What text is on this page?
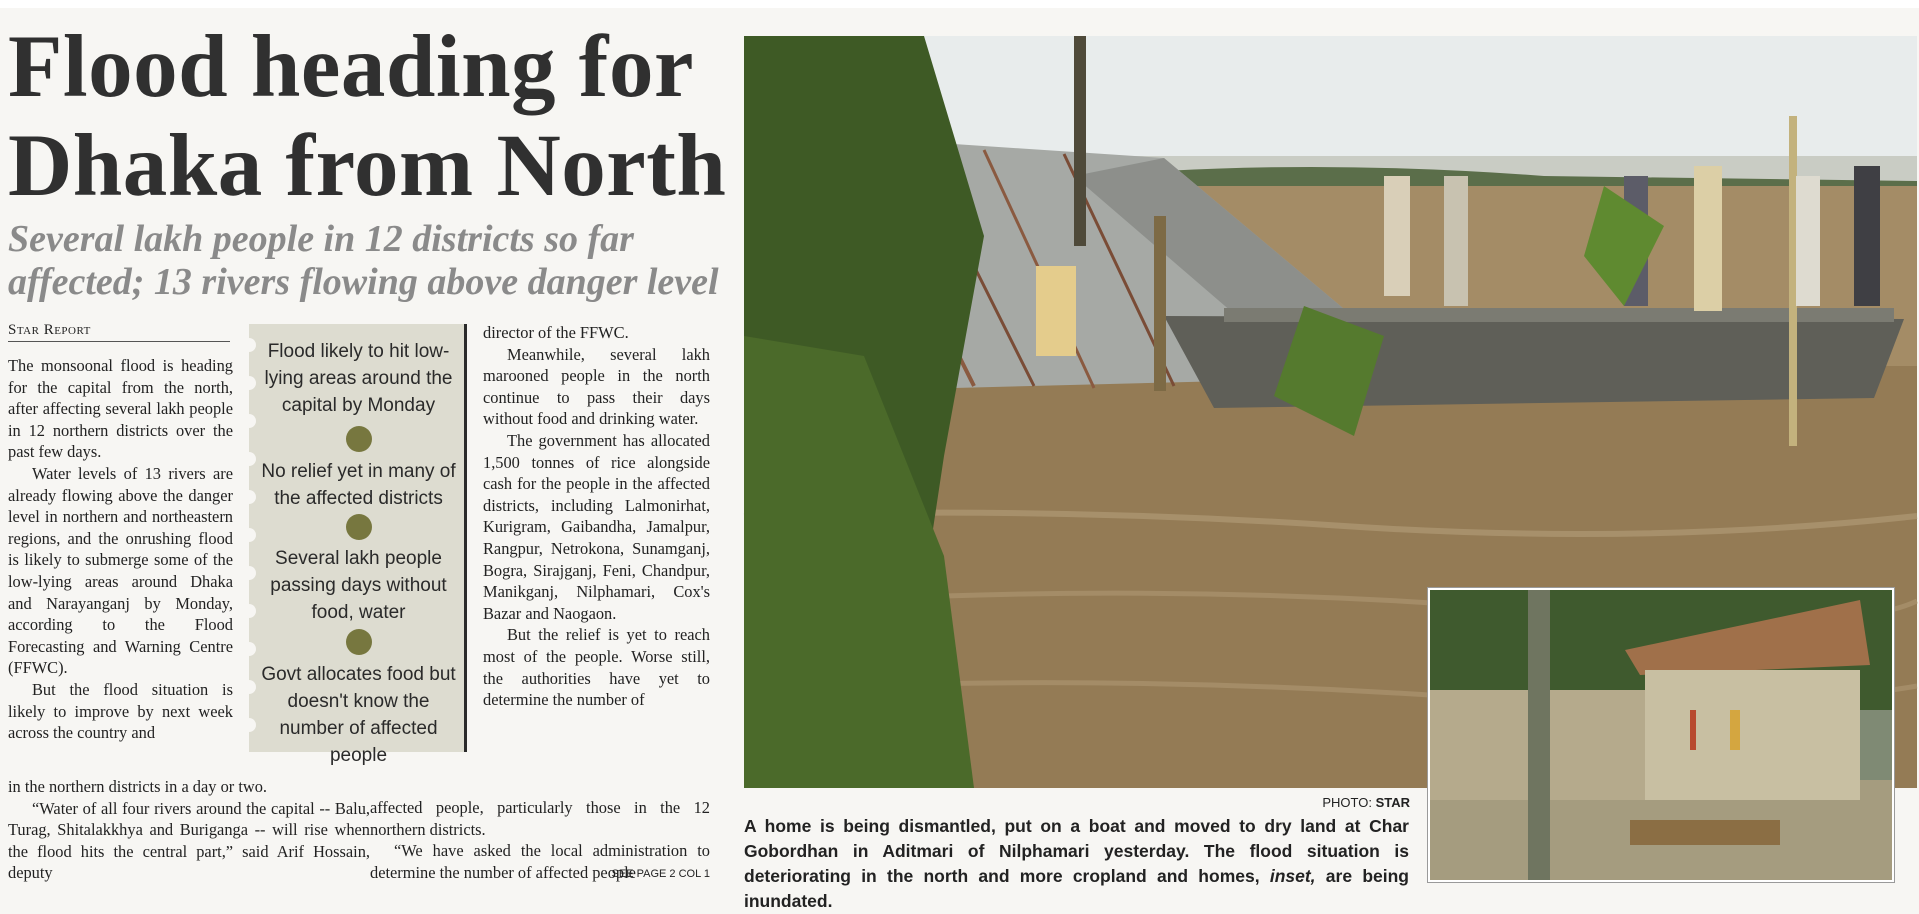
Flood heading for Dhaka from North
Several lakh people in 12 districts so far affected; 13 rivers flowing above danger level
Star Report

The monsoonal flood is heading for the capital from the north, after affecting several lakh people in 12 northern districts over the past few days.

Water levels of 13 rivers are already flowing above the danger level in northern and northeastern regions, and the onrushing flood is likely to submerge some of the low-lying areas around Dhaka and Narayanganj by Monday, according to the Flood Forecasting and Warning Centre (FFWC).

But the flood situation is likely to improve by next week across the country and

in the northern districts in a day or two.

“Water of all four rivers around the capital -- Balu, Turag, Shitalakkhya and Buriganga -- will rise when the flood hits the central part,” said Arif Hossain, deputy

Flood likely to hit low-lying areas around the capital by Monday
No relief yet in many of the affected districts
Several lakh people passing days without food, water
Govt allocates food but doesn't know the number of affected people

director of the FFWC.

Meanwhile, several lakh marooned people in the north continue to pass their days without food and drinking water.

The government has allocated 1,500 tonnes of rice alongside cash for the people in the affected districts, including Lalmonirhat, Kurigram, Gaibandha, Jamalpur, Rangpur, Netrokona, Sunamganj, Bogra, Sirajganj, Feni, Chandpur, Manikganj, Nilphamari, Cox's Bazar and Naogaon.

But the relief is yet to reach most of the people. Worse still, the authorities have yet to determine the number of

affected people, particularly those in the 12 northern districts.

“We have asked the local administration to determine the number of affected people

SEE PAGE 2 COL 1
PHOTO: STAR
A home is being dismantled, put on a boat and moved to dry land at Char Gobordhan in Aditmari of Nilphamari yesterday. The flood situation is deteriorating in the north and more cropland and homes, inset, are being inundated.
